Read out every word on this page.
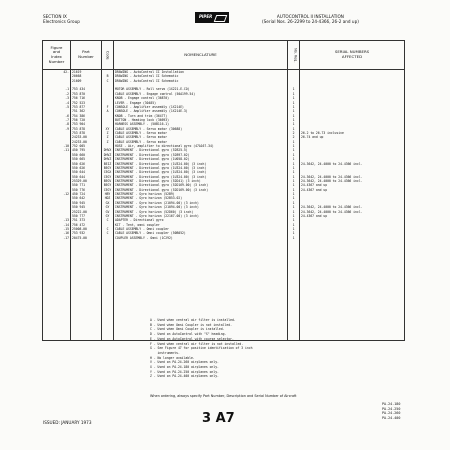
SECTION IX
Electronics Group
PIPER	AUTOCONTROL II INSTALLATION
(Serial Nos. 26-2299 to 24-4366, 26-2 and up)
Figure
and
Index
Number	Part
Number	Code	NOMENCLATURE	No. Req.	SERIAL NUMBERS
AFFECTED
42-	21619		DRAWING - AutoControl II Installation		
	20668	B	DRAWING - AutoControl II Schematic		
	21609	C	DRAWING - AutoControl II Schematic		

-1	753 434		MOTOR ASSEMBLY - Roll servo (1X221-E-CO)	1	
-2	753 870		CABLE ASSEMBLY - Engage control (50A199-54)	1	
-3	756 716		KNOB - Engage control (36870)	1	
-4	752 523		LEVER - Engage (30485)	1	
-5	753 877	F	CONSOLE - Amplifier assembly (1X214E)	1	
	751 362	A	CONSOLE - Amplifier assembly (1X214E-3)	1	
-6	754 386		KNOB - Turn and trim (36477)	1	
-7	756 720		BUTTON - Heading lock (36693)	1	
-8	753 904		HARNESS ASSEMBLY - (50B116-1)	1	
-9	753 878	XY	CABLE ASSEMBLY - Servo motor (30688)	1	
	753 878	Z	CABLE ASSEMBLY - Servo motor	2	26-2 to 26-73 inclusive
	24233-00	Z	CABLE ASSEMBLY - Servo motor	2	26-74 and up
	24233-00	Z	CABLE ASSEMBLY - Servo motor	1	
-10	752 005		HOSE - Air, amplifier to directional gyro (47A167-34)	1	
-11	450 795	DHVX	INSTRUMENT - Directional gyro (52B25-5)	1	
	550 660	DHVZ	INSTRUMENT - Directional gyro (52B97-02)	1	
	550 665	DHVZ	INSTRUMENT - Directional gyro (1U058-02)	1	
	550 626	BEIZ	INSTRUMENT - Directional gyro (1U324-00) (3 inch)	1	24-3642, 24-4000 to 24-4366 incl.
	550 626	BEGY	INSTRUMENT - Directional gyro (1U324-00) (3 inch)	1	
	550 644	CEGX	INSTRUMENT - Directional gyro (1U324-00) (3 inch)	1	
	550 644	CEGY	INSTRUMENT - Directional gyro (1U324-00) (3 inch)	1	24-3642, 24-4000 to 24-4366 incl.
	25329-00	BEGV	INSTRUMENT - Directional gyro (52D41) (3 inch)	1	24-3642, 24-4000 to 24-4366 incl.
	550 771	BEGY	INSTRUMENT - Directional gyro (52D169-00) (3 inch)	1	24-4367 and up
	550 776	CEGY	INSTRUMENT - Directional gyro (52D169-00) (3 inch)	1	24-4367 and up
-12	450 724	HBY	INSTRUMENT - Gyro horizon (52B9)	1	
	550 642	HDZ	INSTRUMENT - Gyro horizon (52B53-02)	1	
	550 945	GX	INSTRUMENT - Gyro horizon (21094-00) (3 inch)	1	
	550 945	GY	INSTRUMENT - Gyro horizon (21094-00) (3 inch)	1	24-3642, 24-4000 to 24-4366 incl.
	25222-00	GV	INSTRUMENT - Gyro horizon (52D60) (3 inch)	1	24-3642, 24-4000 to 24-4366 incl.
	550 777	GY	INSTRUMENT - Gyro horizon (22167-00) (3 inch)	1	24-4367 and up
-13	751 373	C	ADAPTER - Directional gyro	1	
-14	756 472		KIT - Tent, omni coupler	1	
-15	25008-00	C	CABLE ASSEMBLY - Omni coupler	1	
-16	753 932	C	CABLE ASSEMBLY - Omni coupler (50B052)	1	
-17	20475-00		COUPLER ASSEMBLY - Omni (1C292)	1	

A - Used when central air filter is installed.
B - Used when Omni Coupler is not installed.
C - Used when Omni Coupler is installed.
D - Used on AutoControl with "S" heading.
E - Used on AutoControl with course selector.
F - Used when central air filter is not installed.
G - See Figure 47 for positive identification of 3 inch
instruments.
H - No longer available.
V - Used on PA-24-260 airplanes only.
X - Used on PA-24-180 airplanes only.
Y - Used on PA-24-250 airplanes only.
Z - Used on PA-24-400 airplanes only.
When ordering, always specify Part Number, Description and Serial Number of Aircraft
ISSUED: JANUARY 1973	3 A7
PA-24-180
PA-24-250
PA-24-260
PA-24-400
